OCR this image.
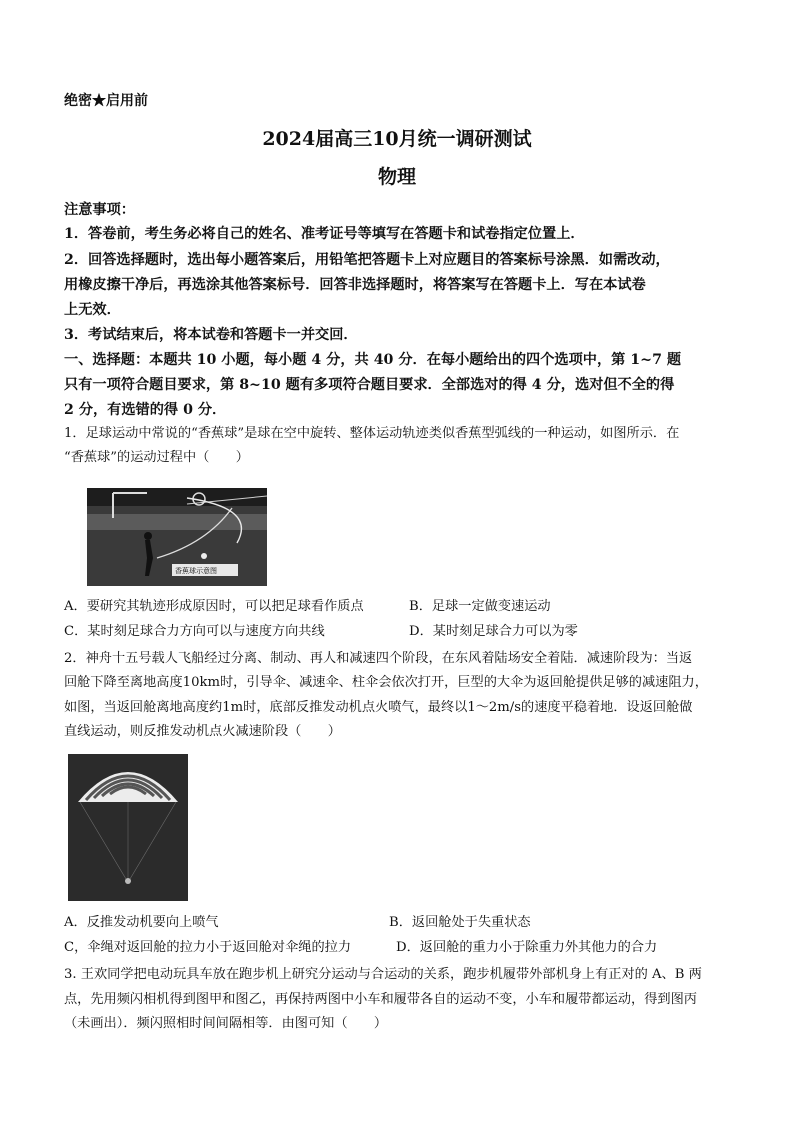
绝密★启用前
2024届高三10月统一调研测试
物理
注意事项：
1．答卷前，考生务必将自己的姓名、准考证号等填写在答题卡和试卷指定位置上．
2．回答选择题时，选出每小题答案后，用铅笔把答题卡上对应题目的答案标号涂黑．如需改动，
用橡皮擦干净后，再选涂其他答案标号．回答非选择题时，将答案写在答题卡上．写在本试卷
上无效．
3．考试结束后，将本试卷和答题卡一并交回．
一、选择题：本题共 10 小题，每小题 4 分，共 40 分．在每小题给出的四个选项中，第 1~7 题
只有一项符合题目要求，第 8~10 题有多项符合题目要求．全部选对的得 4 分，选对但不全的得
2 分，有选错的得 0 分．
1．足球运动中常说的“香蕉球”是球在空中旋转、整体运动轨迹类似香蕉型弧线的一种运动，如图所示．在
“香蕉球”的运动过程中（　　）
香蕉球示意图
A．要研究其轨迹形成原因时，可以把足球看作质点	B．足球一定做变速运动
C．某时刻足球合力方向可以与速度方向共线	D．某时刻足球合力可以为零
2．神舟十五号载人飞船经过分离、制动、再人和减速四个阶段，在东风着陆场安全着陆．减速阶段为：当返
回舱下降至离地高度10km时，引导伞、减速伞、柱伞会依次打开，巨型的大伞为返回舱提供足够的减速阻力，
如图，当返回舱离地高度约1m时，底部反推发动机点火喷气，最终以1～2m/s的速度平稳着地．设返回舱做
直线运动，则反推发动机点火减速阶段（　　）
A．反推发动机要向上喷气	B．返回舱处于失重状态
C，伞绳对返回舱的拉力小于返回舱对伞绳的拉力	D．返回舱的重力小于除重力外其他力的合力
3. 王欢同学把电动玩具车放在跑步机上研究分运动与合运动的关系，跑步机履带外部机身上有正对的 A、B 两
点，先用频闪相机得到图甲和图乙，再保持两图中小车和履带各自的运动不变，小车和履带都运动，得到图丙
（未画出）．频闪照相时间间隔相等．由图可知（　　）
